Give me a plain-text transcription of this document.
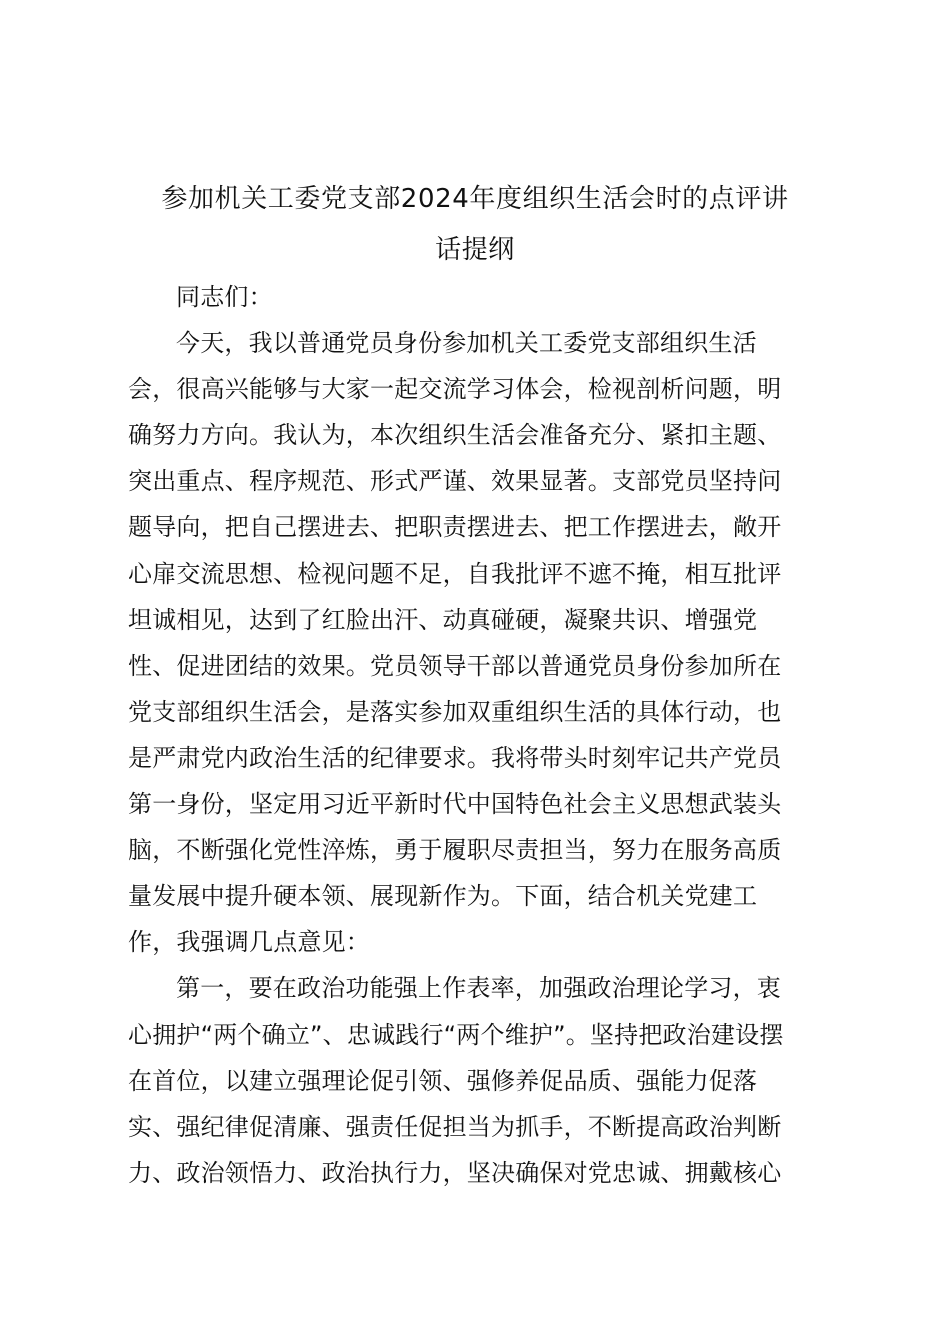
参加机关工委党支部2024年度组织生活会时的点评讲
话提纲

同志们：

今天，我以普通党员身份参加机关工委党支部组织生活
会，很高兴能够与大家一起交流学习体会，检视剖析问题，明
确努力方向。我认为，本次组织生活会准备充分、紧扣主题、
突出重点、程序规范、形式严谨、效果显著。支部党员坚持问
题导向，把自己摆进去、把职责摆进去、把工作摆进去，敞开
心扉交流思想、检视问题不足，自我批评不遮不掩，相互批评
坦诚相见，达到了红脸出汗、动真碰硬，凝聚共识、增强党
性、促进团结的效果。党员领导干部以普通党员身份参加所在
党支部组织生活会，是落实参加双重组织生活的具体行动，也
是严肃党内政治生活的纪律要求。我将带头时刻牢记共产党员
第一身份，坚定用习近平新时代中国特色社会主义思想武装头
脑，不断强化党性淬炼，勇于履职尽责担当，努力在服务高质
量发展中提升硬本领、展现新作为。下面，结合机关党建工
作，我强调几点意见：

第一，要在政治功能强上作表率，加强政治理论学习，衷
心拥护“两个确立”、忠诚践行“两个维护”。坚持把政治建设摆
在首位，以建立强理论促引领、强修养促品质、强能力促落
实、强纪律促清廉、强责任促担当为抓手，不断提高政治判断
力、政治领悟力、政治执行力，坚决确保对党忠诚、拥戴核心
